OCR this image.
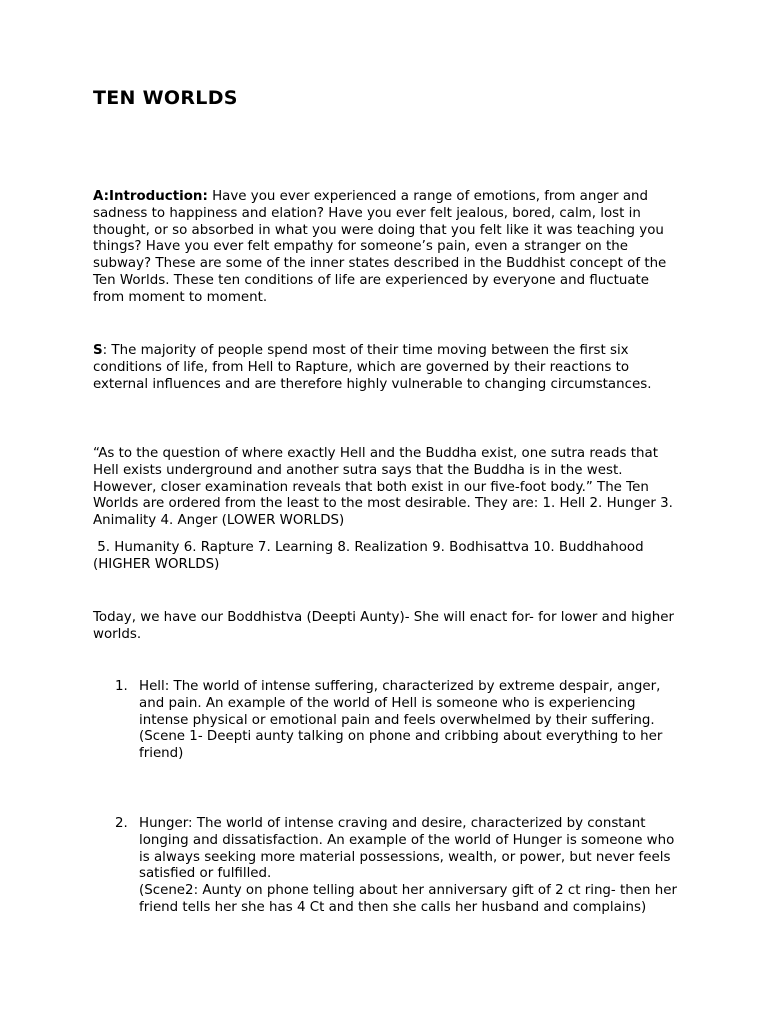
TEN WORLDS

A:Introduction: Have you ever experienced a range of emotions, from anger and sadness to happiness and elation? Have you ever felt jealous, bored, calm, lost in thought, or so absorbed in what you were doing that you felt like it was teaching you things? Have you ever felt empathy for someone’s pain, even a stranger on the subway? These are some of the inner states described in the Buddhist concept of the Ten Worlds. These ten conditions of life are experienced by everyone and fluctuate from moment to moment.

S: The majority of people spend most of their time moving between the first six conditions of life, from Hell to Rapture, which are governed by their reactions to external influences and are therefore highly vulnerable to changing circumstances.

“As to the question of where exactly Hell and the Buddha exist, one sutra reads that Hell exists underground and another sutra says that the Buddha is in the west. However, closer examination reveals that both exist in our five-foot body.” The Ten Worlds are ordered from the least to the most desirable. They are: 1. Hell 2. Hunger 3. Animality 4. Anger (LOWER WORLDS)

5. Humanity 6. Rapture 7. Learning 8. Realization 9. Bodhisattva 10. Buddhahood (HIGHER WORLDS)

Today, we have our Boddhistva (Deepti Aunty)- She will enact for- for lower and higher worlds.

1. Hell: The world of intense suffering, characterized by extreme despair, anger, and pain. An example of the world of Hell is someone who is experiencing intense physical or emotional pain and feels overwhelmed by their suffering.
(Scene 1- Deepti aunty talking on phone and cribbing about everything to her friend)
2. Hunger: The world of intense craving and desire, characterized by constant longing and dissatisfaction. An example of the world of Hunger is someone who is always seeking more material possessions, wealth, or power, but never feels satisfied or fulfilled.
(Scene2: Aunty on phone telling about her anniversary gift of 2 ct ring- then her friend tells her she has 4 Ct and then she calls her husband and complains)
